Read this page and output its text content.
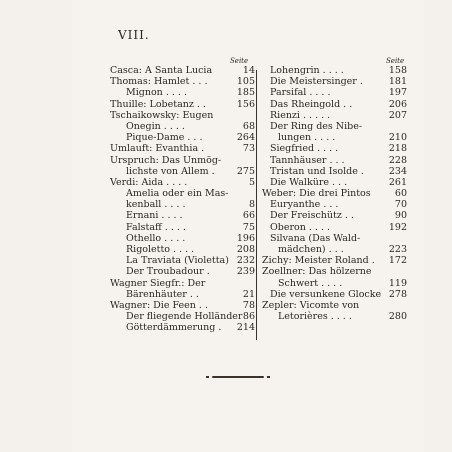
VIII.
Seite	Seite
Casca: A Santa Lucia	14
Thomas: Hamlet . . .	105
Mignon . . . .	185
Thuille: Lobetanz . .	156
Tschaikowsky: Eugen
Onegin . . . .	68
Pique-Dame . . .	264
Umlauft: Evanthia .	73
Urspruch: Das Unmög-
lichste von Allem . 275
Verdi: Aida . . . .	5
Amelia oder ein Mas-
kenball . . . .	8
Ernani . . . .	66
Falstaff . . . .	75
Othello . . . .	196
Rigoletto . . . .	208
La Traviata (Violetta) 232
Der Troubadour .	239
Wagner Siegfr.: Der
Bärenhäuter . .	21
Wagner: Die Feen . .	78
Der fliegende Holländer 86
Götterdämmerung . 214
Lohengrin . . . .	158
Die Meistersinger .	181
Parsifal . . . .	197
Das Rheingold . .	206
Rienzi . . . . .	207
Der Ring des Nibe-
lungen . . . .	210
Siegfried . . . .	218
Tannhäuser . . .	228
Tristan und Isolde .	234
Die Walküre . . .	261
Weber: Die drei Pintos	60
Euryanthe . . .	70
Der Freischütz . .	90
Oberon . . . .	192
Silvana (Das Wald-
mädchen) . . .	223
Zichy: Meister Roland . 172
Zoellner: Das hölzerne
Schwert . . . .	119
Die versunkene Glocke 278
Zepler: Vicomte von
Letorières . . . .	280
